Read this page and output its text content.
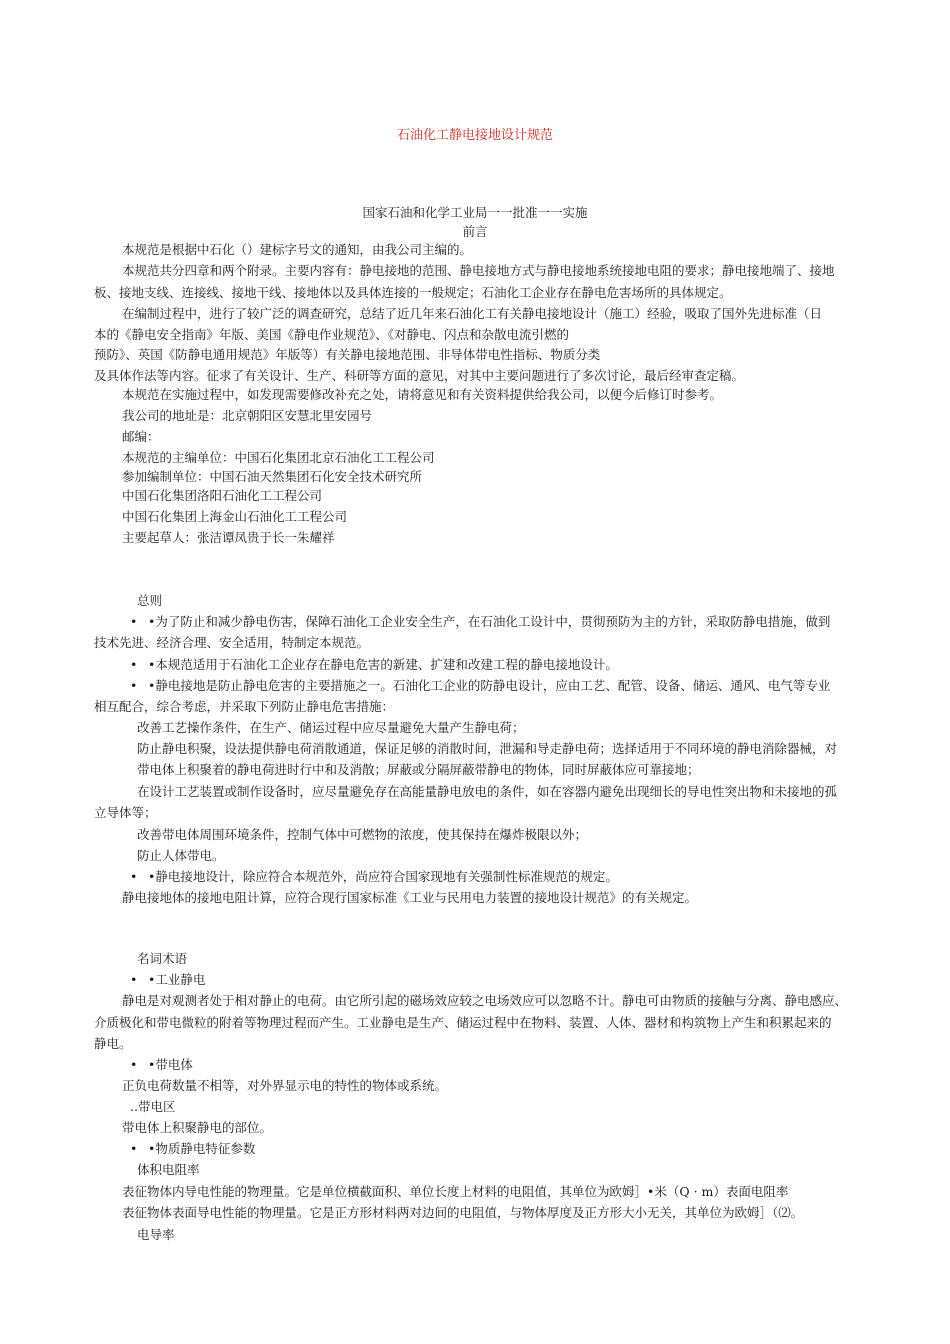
石油化工静电接地设计规范
国家石油和化学工业局一一批准一一实施
前言
本规范是根据中石化（）建标字号文的通知，由我公司主编的。
本规范共分四章和两个附录。主要内容有：静电接地的范围、静电接地方式与静电接地系统接地电阻的要求；静电接地端了、接地
板、接地支线、连接线、接地干线、接地体以及具体连接的一般规定；石油化工企业存在静电危害场所的具体规定。
在编制过程中，进行了较广泛的调查研究，总结了近几年来石油化工有关静电接地设计（施工）经验，吸取了国外先进标准（日
本的《静电安全指南》年版、美国《静电作业规范》、《对静电、闪点和杂散电流引燃的
预防》、英国《防静电通用规范》年版等）有关静电接地范围、非导体带电性指标、物质分类
及具体作法等内容。征求了有关设计、生产、科研等方面的意见，对其中主要问题进行了多次讨论，最后经审查定稿。
本规范在实施过程中，如发现需要修改补充之处，请将意见和有关资料提供给我公司，以便今后修订时参考。
我公司的地址是：北京朝阳区安慧北里安园号
邮编：
本规范的主编单位：中国石化集团北京石油化工工程公司
参加编制单位：中国石油天然集团石化安全技术研究所
中国石化集团洛阳石油化工工程公司
中国石化集团上海金山石油化工工程公司
主要起草人：张洁谭凤贵于长一朱耀祥
总则
• •为了防止和减少静电伤害，保障石油化工企业安全生产，在石油化工设计中，贯彻预防为主的方针，采取防静电措施，做到
技术先进、经济合理、安全适用，特制定本规范。
• •本规范适用于石油化工企业存在静电危害的新建、扩建和改建工程的静电接地设计。
• •静电接地是防止静电危害的主要措施之一。石油化工企业的防静电设计，应由工艺、配管、设备、储运、通风、电气等专业
相互配合，综合考虑，并采取下列防止静电危害措施：
改善工艺操作条件，在生产、储运过程中应尽量避免大量产生静电荷；
防止静电积聚，设法提供静电荷消散通道，保证足够的消散时间，泄漏和导走静电荷；选择适用于不同环境的静电消除器械，对
带电体上积聚着的静电荷进时行中和及消散；屏蔽或分隔屏蔽带静电的物体，同时屏蔽体应可靠接地；
在设计工艺装置或制作设备时，应尽量避免存在高能量静电放电的条件，如在容器内避免出现细长的导电性突出物和未接地的孤
立导体等；
改善带电体周围环境条件，控制气体中可燃物的浓度，使其保持在爆炸极限以外；
防止人体带电。
• •静电接地设计，除应符合本规范外，尚应符合国家现地有关强制性标准规范的规定。
静电接地体的接地电阻计算，应符合现行国家标准《工业与民用电力装置的接地设计规范》的有关规定。
名词术语
• •工业静电
静电是对观测者处于相对静止的电荷。由它所引起的磁场效应较之电场效应可以忽略不计。静电可由物质的接触与分离、静电感应、
介质极化和带电微粒的附着等物理过程而产生。工业静电是生产、储运过程中在物料、装置、人体、器材和构筑物上产生和积累起来的
静电。
• •带电体
正负电荷数量不相等，对外界显示电的特性的物体或系统。
..带电区
带电体上积聚静电的部位。
• •物质静电特征参数
体积电阻率
表征物体内导电性能的物理量。它是单位横截面积、单位长度上材料的电阻值，其单位为欧姆］•米（Q · m）表面电阻率
表征物体表面导电性能的物理量。它是正方形材料两对边间的电阻值，与物体厚度及正方形大小无关，其单位为欧姆］（⑵。
电导率
